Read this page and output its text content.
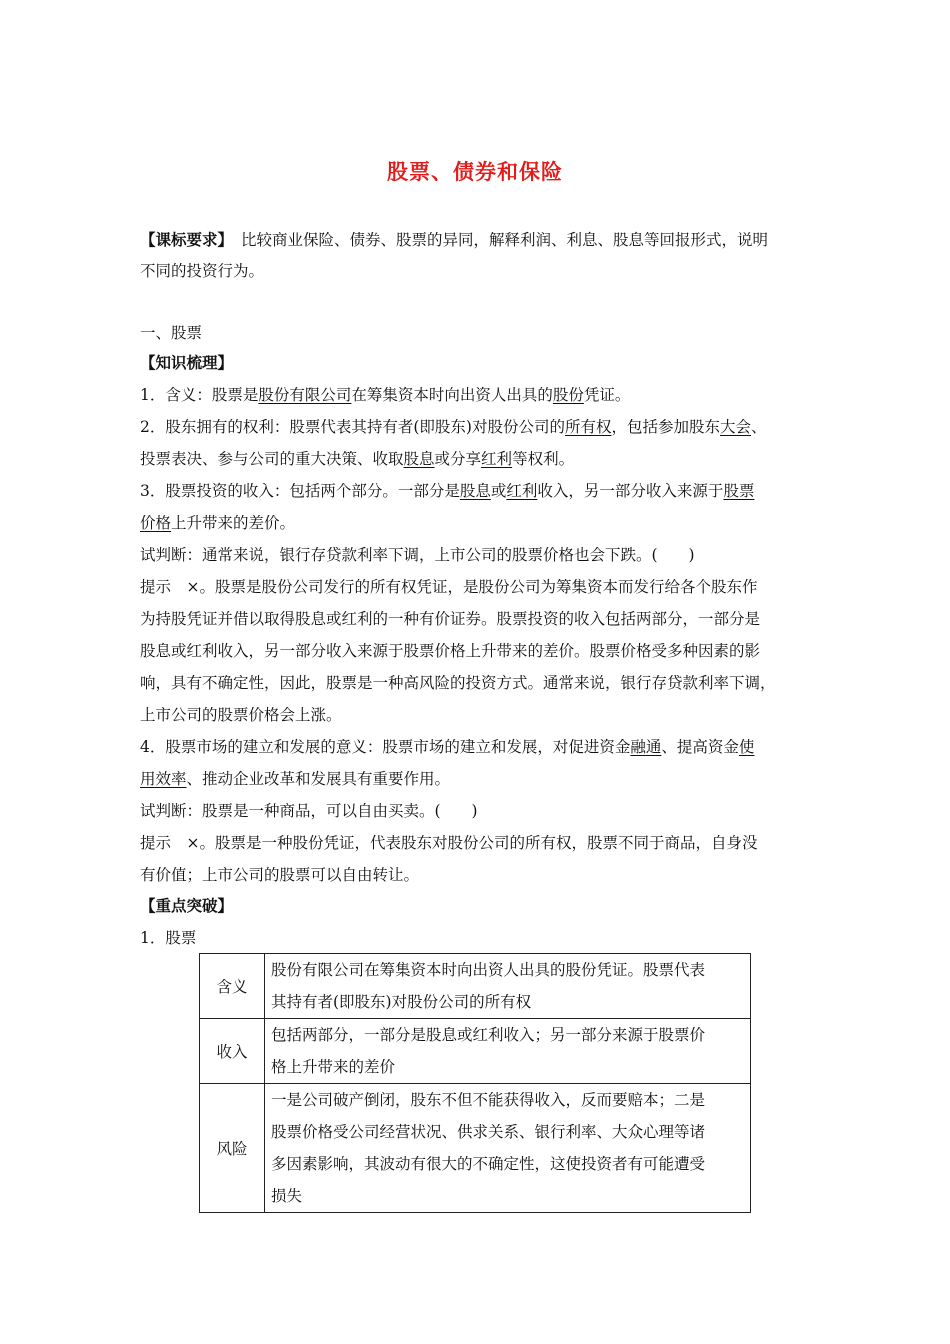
股票、债券和保险
【课标要求】 比较商业保险、债券、股票的异同，解释利润、利息、股息等回报形式，说明
不同的投资行为。
一、股票
【知识梳理】
1．含义：股票是股份有限公司在筹集资本时向出资人出具的股份凭证。
2．股东拥有的权利：股票代表其持有者(即股东)对股份公司的所有权，包括参加股东大会、
投票表决、参与公司的重大决策、收取股息或分享红利等权利。
3．股票投资的收入：包括两个部分。一部分是股息或红利收入，另一部分收入来源于股票
价格上升带来的差价。
试判断：通常来说，银行存贷款利率下调，上市公司的股票价格也会下跌。(　　)
提示　×。股票是股份公司发行的所有权凭证，是股份公司为筹集资本而发行给各个股东作
为持股凭证并借以取得股息或红利的一种有价证券。股票投资的收入包括两部分，一部分是
股息或红利收入，另一部分收入来源于股票价格上升带来的差价。股票价格受多种因素的影
响，具有不确定性，因此，股票是一种高风险的投资方式。通常来说，银行存贷款利率下调，
上市公司的股票价格会上涨。
4．股票市场的建立和发展的意义：股票市场的建立和发展，对促进资金融通、提高资金使
用效率、推动企业改革和发展具有重要作用。
试判断：股票是一种商品，可以自由买卖。(　　)
提示　×。股票是一种股份凭证，代表股东对股份公司的所有权，股票不同于商品，自身没
有价值；上市公司的股票可以自由转让。
【重点突破】
1．股票
含义	股份有限公司在筹集资本时向出资人出具的股份凭证。股票代表
其持有者(即股东)对股份公司的所有权

收入	包括两部分，一部分是股息或红利收入；另一部分来源于股票价
格上升带来的差价

风险	一是公司破产倒闭，股东不但不能获得收入，反而要赔本；二是
股票价格受公司经营状况、供求关系、银行利率、大众心理等诸
多因素影响，其波动有很大的不确定性，这使投资者有可能遭受
损失
